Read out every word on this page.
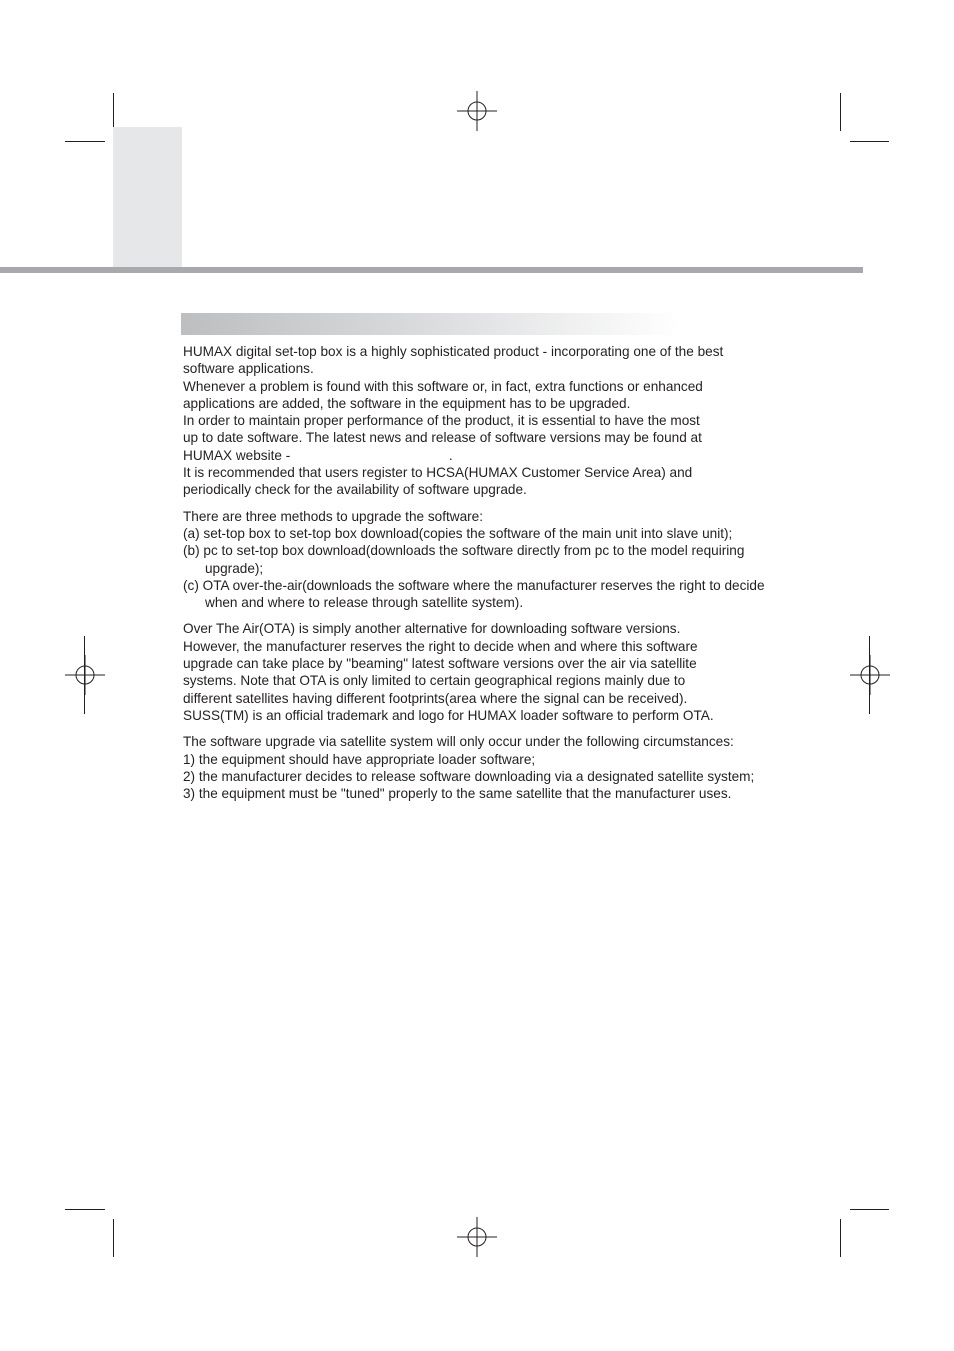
HUMAX digital set-top box is a highly sophisticated product - incorporating one of the best

software applications.

Whenever a problem is found with this software or, in fact, extra functions or enhanced

applications are added, the software in the equipment has to be upgraded.

In order to maintain proper performance of the product, it is essential to have the most

up to date software. The latest news and release of software versions may be found at

HUMAX website -                                          .

It is recommended that users register to HCSA(HUMAX Customer Service Area) and

periodically check for the availability of software upgrade.

There are three methods to upgrade the software:

(a) set-top box to set-top box download(copies the software of the main unit into slave unit);

(b) pc to set-top box download(downloads the software directly from pc to the model requiring upgrade);

(c) OTA over-the-air(downloads the software where the manufacturer reserves the right to decide when and where to release through satellite system).

Over The Air(OTA) is simply another alternative for downloading software versions.

However, the manufacturer reserves the right to decide when and where this software

upgrade can take place by "beaming" latest software versions over the air via satellite

systems. Note that OTA is only limited to certain geographical regions mainly due to

different satellites having different footprints(area where the signal can be received).

SUSS(TM) is an official trademark and logo for HUMAX loader software to perform OTA.

The software upgrade via satellite system will only occur under the following circumstances:

1) the equipment should have appropriate loader software;

2) the manufacturer decides to release software downloading via a designated satellite system;

3) the equipment must be "tuned" properly to the same satellite that the manufacturer uses.
